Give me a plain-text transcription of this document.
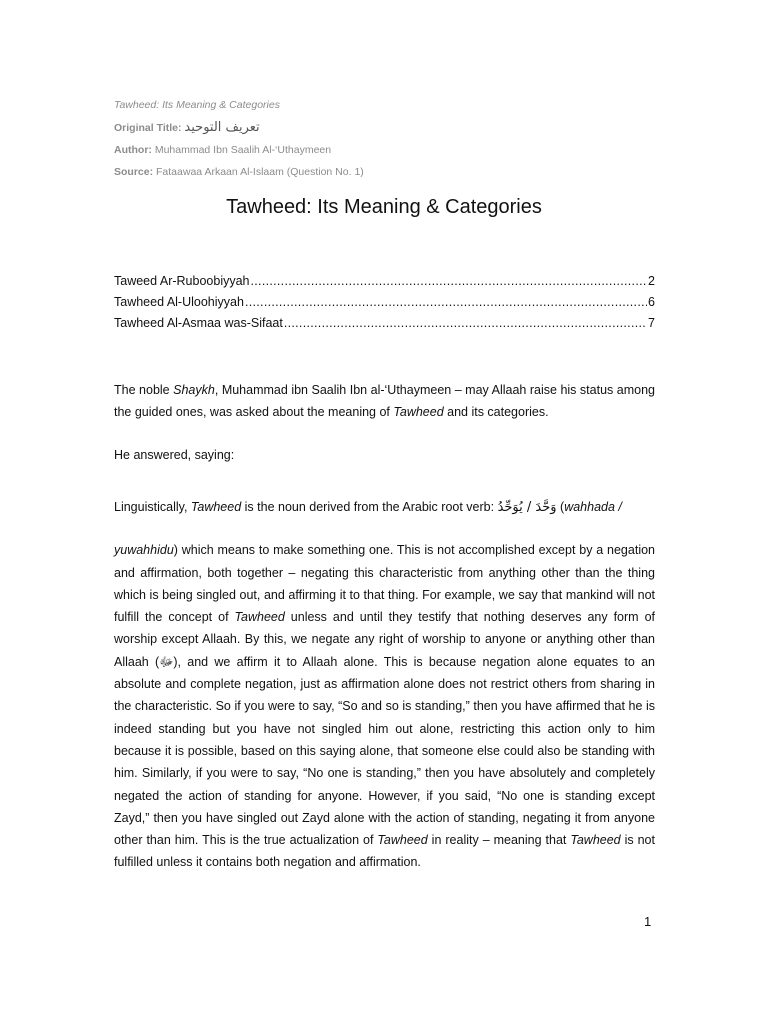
Tawheed: Its Meaning & Categories
Original Title: تعريف التوحيد
Author: Muhammad Ibn Saalih Al-‘Uthaymeen
Source: Fataawaa Arkaan Al-Islaam (Question No. 1)
Tawheed: Its Meaning & Categories
Taweed Ar-Ruboobiyyah .....	2
Tawheed Al-Uloohiyyah .....	6
Tawheed Al-Asmaa was-Sifaat .....	7

The noble Shaykh, Muhammad ibn Saalih Ibn al-‘Uthaymeen – may Allaah raise his status among the guided ones, was asked about the meaning of Tawheed and its categories.

He answered, saying:

Linguistically, Tawheed is the noun derived from the Arabic root verb: وَحَّدَ / يُوَحِّدُ (wahhada /
yuwahhidu) which means to make something one. This is not accomplished except by a negation and affirmation, both together – negating this characteristic from anything other than the thing which is being singled out, and affirming it to that thing. For example, we say that mankind will not fulfill the concept of Tawheed unless and until they testify that nothing deserves any form of worship except Allaah. By this, we negate any right of worship to anyone or anything other than Allaah (ﷻ), and we affirm it to Allaah alone. This is because negation alone equates to an absolute and complete negation, just as affirmation alone does not restrict others from sharing in the characteristic. So if you were to say, “So and so is standing,” then you have affirmed that he is indeed standing but you have not singled him out alone, restricting this action only to him because it is possible, based on this saying alone, that someone else could also be standing with him. Similarly, if you were to say, “No one is standing,” then you have absolutely and completely negated the action of standing for anyone. However, if you said, “No one is standing except Zayd,” then you have singled out Zayd alone with the action of standing, negating it from anyone other than him. This is the true actualization of Tawheed in reality – meaning that Tawheed is not fulfilled unless it contains both negation and affirmation.

1
